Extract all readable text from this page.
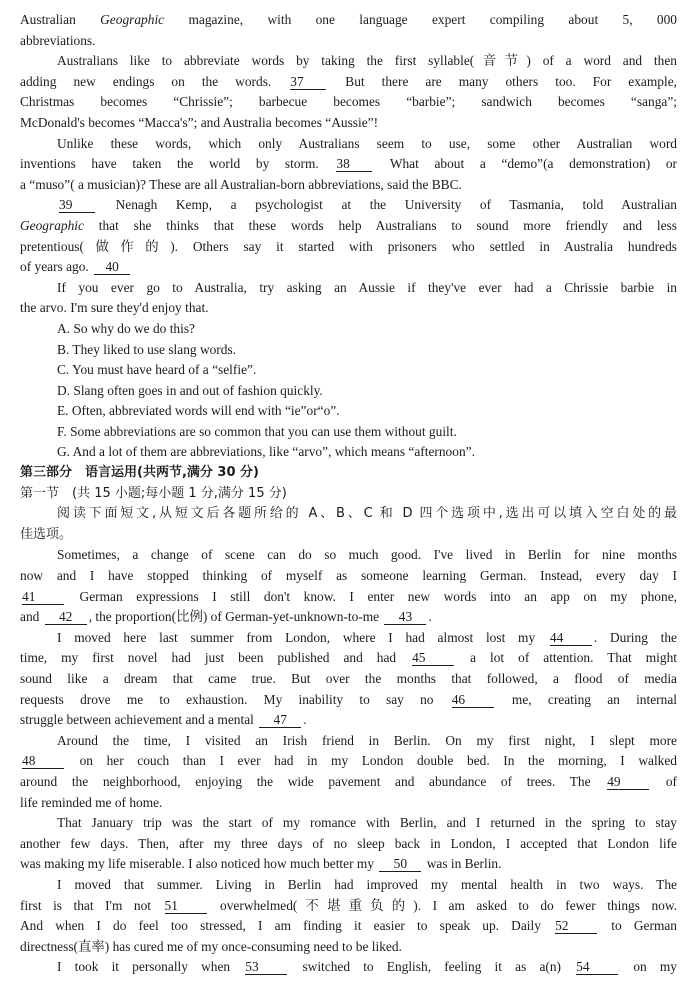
Australian Geographic magazine, with one language expert compiling about 5, 000
abbreviations.
Australians like to abbreviate words by taking the first syllable(音节) of a word and then
adding new endings on the words. 37 But there are many others too. For example,
Christmas becomes “Chrissie”; barbecue becomes “barbie”; sandwich becomes “sanga”;
McDonald's becomes “Macca's”; and Australia becomes “Aussie”!
Unlike these words, which only Australians seem to use, some other Australian word
inventions have taken the world by storm. 38 What about a “demo”(a demonstration) or
a “muso”( a musician)? These are all Australian-born abbreviations, said the BBC.
39 Nenagh Kemp, a psychologist at the University of Tasmania, told Australian
Geographic that she thinks that these words help Australians to sound more friendly and less
pretentious(做作的). Others say it started with prisoners who settled in Australia hundreds
of years ago. 40
If you ever go to Australia, try asking an Aussie if they've ever had a Chrissie barbie in
the arvo. I'm sure they'd enjoy that.
A. So why do we do this?
B. They liked to use slang words.
C. You must have heard of a “selfie”.
D. Slang often goes in and out of fashion quickly.
E. Often, abbreviated words will end with “ie”or“o”.
F. Some abbreviations are so common that you can use them without guilt.
G. And a lot of them are abbreviations, like “arvo”, which means “afternoon”.
第三部分　语言运用(共两节,满分 30 分)
第一节　(共 15 小题;每小题 1 分,满分 15 分)
阅读下面短文,从短文后各题所给的 A、B、C 和 D 四个选项中,选出可以填入空白处的最
佳选项。
Sometimes, a change of scene can do so much good. I've lived in Berlin for nine months
now and I have stopped thinking of myself as someone learning German. Instead, every day I
41 German expressions I still don't know. I enter new words into an app on my phone,
and 42 , the proportion(比例) of German-yet-unknown-to-me 43 .
I moved here last summer from London, where I had almost lost my 44 . During the
time, my first novel had just been published and had 45 a lot of attention. That might
sound like a dream that came true. But over the months that followed, a flood of media
requests drove me to exhaustion. My inability to say no 46 me, creating an internal
struggle between achievement and a mental 47 .
Around the time, I visited an Irish friend in Berlin. On my first night, I slept more
48 on her couch than I ever had in my London double bed. In the morning, I walked
around the neighborhood, enjoying the wide pavement and abundance of trees. The 49 of
life reminded me of home.
That January trip was the start of my romance with Berlin, and I returned in the spring to stay
another few days. Then, after my three days of no sleep back in London, I accepted that London life
was making my life miserable. I also noticed how much better my 50 was in Berlin.
I moved that summer. Living in Berlin had improved my mental health in two ways. The
first is that I'm not 51 overwhelmed(不堪重负的). I am asked to do fewer things now.
And when I do feel too stressed, I am finding it easier to speak up. Daily 52 to German
directness(直率) has cured me of my once-consuming need to be liked.
I took it personally when 53 switched to English, feeling it as a(n) 54 on my
